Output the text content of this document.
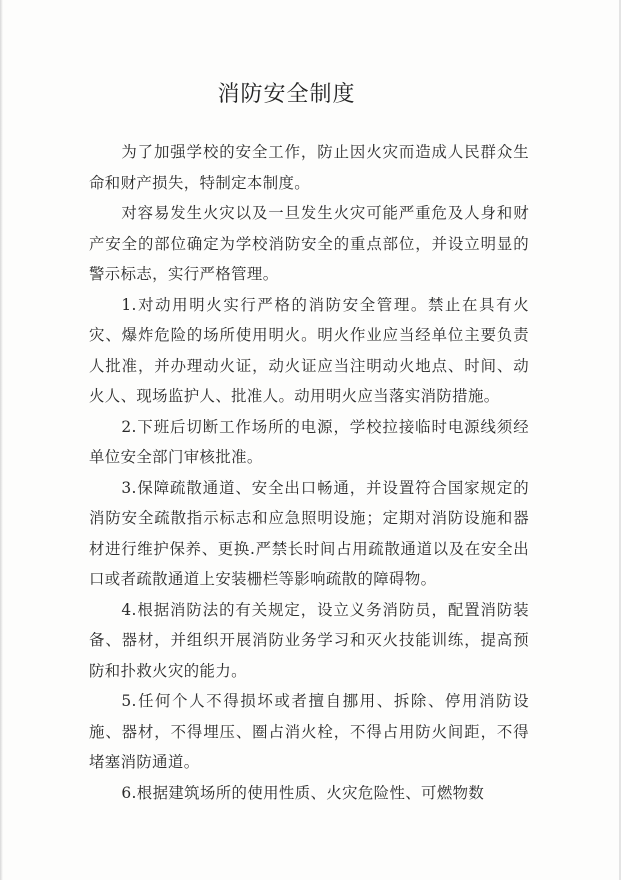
消防安全制度

为了加强学校的安全工作，防止因火灾而造成人民群众生命和财产损失，特制定本制度。

对容易发生火灾以及一旦发生火灾可能严重危及人身和财产安全的部位确定为学校消防安全的重点部位，并设立明显的警示标志，实行严格管理。

1.对动用明火实行严格的消防安全管理。禁止在具有火灾、爆炸危险的场所使用明火。明火作业应当经单位主要负责人批准，并办理动火证，动火证应当注明动火地点、时间、动火人、现场监护人、批准人。动用明火应当落实消防措施。

2.下班后切断工作场所的电源，学校拉接临时电源线须经单位安全部门审核批准。

3.保障疏散通道、安全出口畅通，并设置符合国家规定的消防安全疏散指示标志和应急照明设施；定期对消防设施和器材进行维护保养、更换.严禁长时间占用疏散通道以及在安全出口或者疏散通道上安装栅栏等影响疏散的障碍物。

4.根据消防法的有关规定，设立义务消防员，配置消防装备、器材，并组织开展消防业务学习和灭火技能训练，提高预防和扑救火灾的能力。

5.任何个人不得损坏或者擅自挪用、拆除、停用消防设施、器材，不得埋压、圈占消火栓，不得占用防火间距，不得堵塞消防通道。

6.根据建筑场所的使用性质、火灾危险性、可燃物数
